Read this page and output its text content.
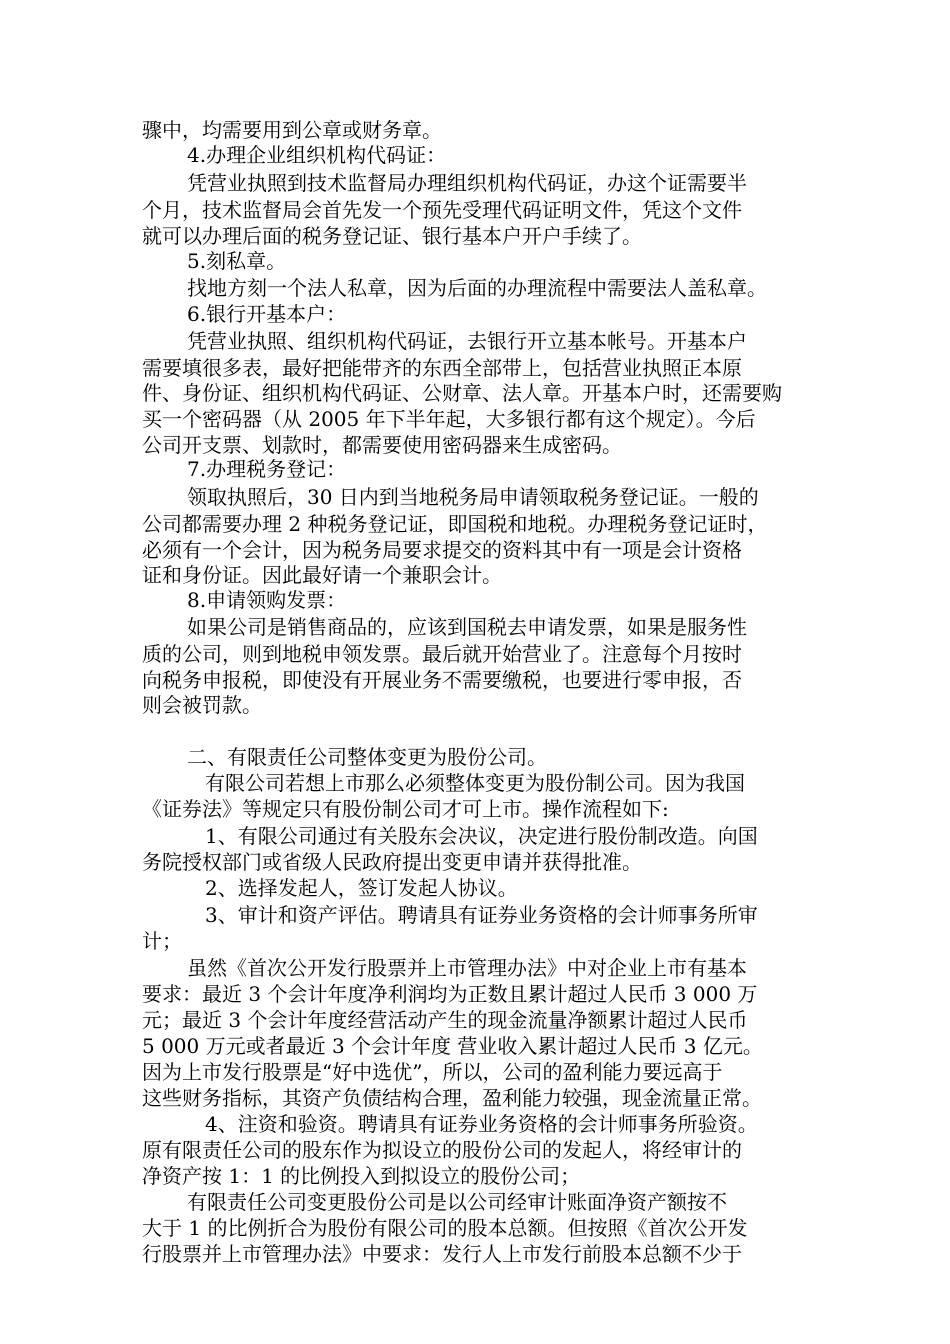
骤中，均需要用到公章或财务章。
4.办理企业组织机构代码证：
凭营业执照到技术监督局办理组织机构代码证，办这个证需要半
个月，技术监督局会首先发一个预先受理代码证明文件，凭这个文件
就可以办理后面的税务登记证、银行基本户开户手续了。
5.刻私章。
找地方刻一个法人私章，因为后面的办理流程中需要法人盖私章。
6.银行开基本户：
凭营业执照、组织机构代码证，去银行开立基本帐号。开基本户
需要填很多表，最好把能带齐的东西全部带上，包括营业执照正本原
件、身份证、组织机构代码证、公财章、法人章。开基本户时，还需要购
买一个密码器（从 2005 年下半年起，大多银行都有这个规定）。今后
公司开支票、划款时，都需要使用密码器来生成密码。
7.办理税务登记：
领取执照后，30 日内到当地税务局申请领取税务登记证。一般的
公司都需要办理 2 种税务登记证，即国税和地税。办理税务登记证时，
必须有一个会计，因为税务局要求提交的资料其中有一项是会计资格
证和身份证。因此最好请一个兼职会计。
8.申请领购发票：
如果公司是销售商品的，应该到国税去申请发票，如果是服务性
质的公司，则到地税申领发票。最后就开始营业了。注意每个月按时
向税务申报税，即使没有开展业务不需要缴税，也要进行零申报，否
则会被罚款。
二、有限责任公司整体变更为股份公司。
有限公司若想上市那么必须整体变更为股份制公司。因为我国
《证券法》等规定只有股份制公司才可上市。操作流程如下:
1、有限公司通过有关股东会决议，决定进行股份制改造。向国
务院授权部门或省级人民政府提出变更申请并获得批准。
2、选择发起人，签订发起人协议。
3、审计和资产评估。聘请具有证券业务资格的会计师事务所审
计；
虽然《首次公开发行股票并上市管理办法》中对企业上市有基本
要求：最近 3 个会计年度净利润均为正数且累计超过人民币 3 000 万
元；最近 3 个会计年度经营活动产生的现金流量净额累计超过人民币
5 000 万元或者最近 3 个会计年度 营业收入累计超过人民币 3 亿元。
因为上市发行股票是“好中选优”，所以，公司的盈利能力要远高于
这些财务指标，其资产负债结构合理，盈利能力较强，现金流量正常。
4、注资和验资。聘请具有证券业务资格的会计师事务所验资。
原有限责任公司的股东作为拟设立的股份公司的发起人，将经审计的
净资产按 1：1 的比例投入到拟设立的股份公司；
有限责任公司变更股份公司是以公司经审计账面净资产额按不
大于 1 的比例折合为股份有限公司的股本总额。但按照《首次公开发
行股票并上市管理办法》中要求：发行人上市发行前股本总额不少于
